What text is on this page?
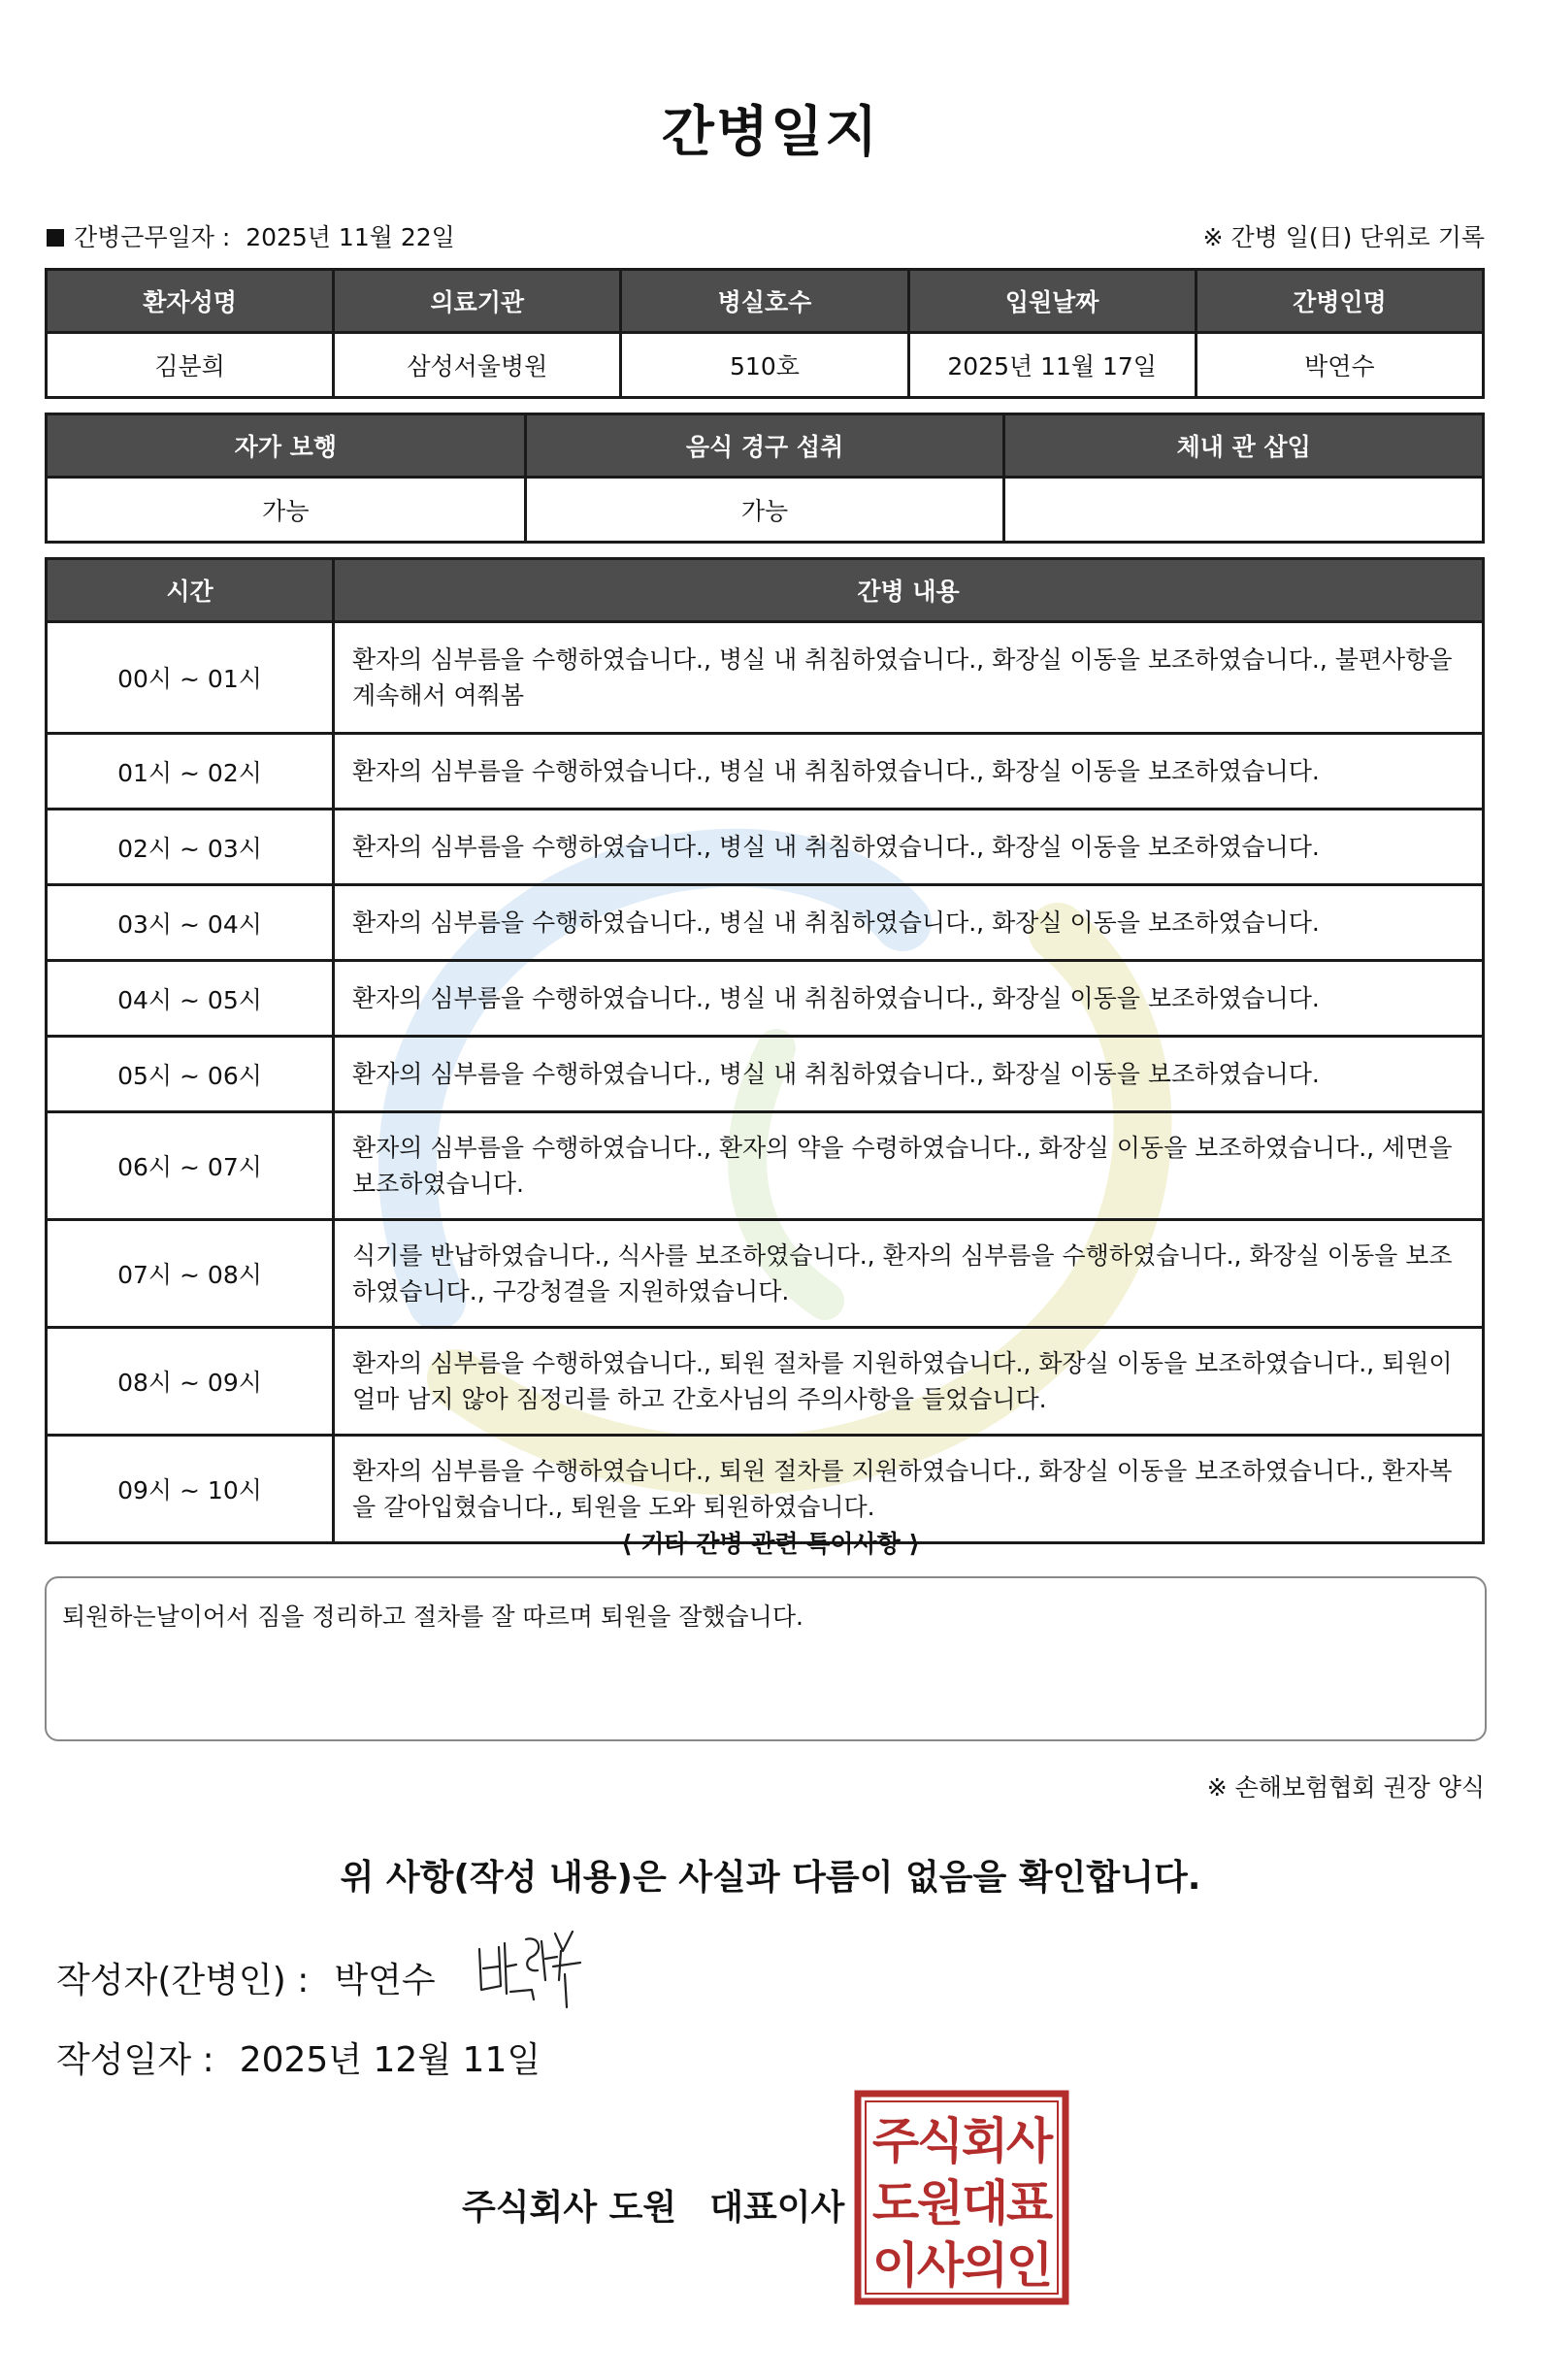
간병일지
간병근무일자 : 2025년 11월 22일	※ 간병 일(日) 단위로 기록
환자성명	의료기관	병실호수	입원날짜	간병인명
김분희	삼성서울병원	510호	2025년 11월 17일	박연수
자가 보행	음식 경구 섭취	체내 관 삽입
가능	가능	
시간	간병 내용
00시 ~ 01시	환자의 심부름을 수행하였습니다., 병실 내 취침하였습니다., 화장실 이동을 보조하였습니다., 불편사항을 계속해서 여쭤봄
01시 ~ 02시	환자의 심부름을 수행하였습니다., 병실 내 취침하였습니다., 화장실 이동을 보조하였습니다.
02시 ~ 03시	환자의 심부름을 수행하였습니다., 병실 내 취침하였습니다., 화장실 이동을 보조하였습니다.
03시 ~ 04시	환자의 심부름을 수행하였습니다., 병실 내 취침하였습니다., 화장실 이동을 보조하였습니다.
04시 ~ 05시	환자의 심부름을 수행하였습니다., 병실 내 취침하였습니다., 화장실 이동을 보조하였습니다.
05시 ~ 06시	환자의 심부름을 수행하였습니다., 병실 내 취침하였습니다., 화장실 이동을 보조하였습니다.
06시 ~ 07시	환자의 심부름을 수행하였습니다., 환자의 약을 수령하였습니다., 화장실 이동을 보조하였습니다., 세면을 보조하였습니다.
07시 ~ 08시	식기를 반납하였습니다., 식사를 보조하였습니다., 환자의 심부름을 수행하였습니다., 화장실 이동을 보조하였습니다., 구강청결을 지원하였습니다.
08시 ~ 09시	환자의 심부름을 수행하였습니다., 퇴원 절차를 지원하였습니다., 화장실 이동을 보조하였습니다., 퇴원이 얼마 남지 않아 짐정리를 하고 간호사님의 주의사항을 들었습니다.
09시 ~ 10시	환자의 심부름을 수행하였습니다., 퇴원 절차를 지원하였습니다., 화장실 이동을 보조하였습니다., 환자복을 갈아입혔습니다., 퇴원을 도와 퇴원하였습니다.
⟨ 기타 간병 관련 특이사항 ⟩
퇴원하는날이어서 짐을 정리하고 절차를 잘 따르며 퇴원을 잘했습니다.
※ 손해보험협회 권장 양식
위 사항(작성 내용)은 사실과 다름이 없음을 확인합니다.
작성자(간병인) : 박연수
작성일자 : 2025년 12월 11일
주식회사 도원 대표이사
주
식
회
사
도
원
대
표
이
사
의
인
